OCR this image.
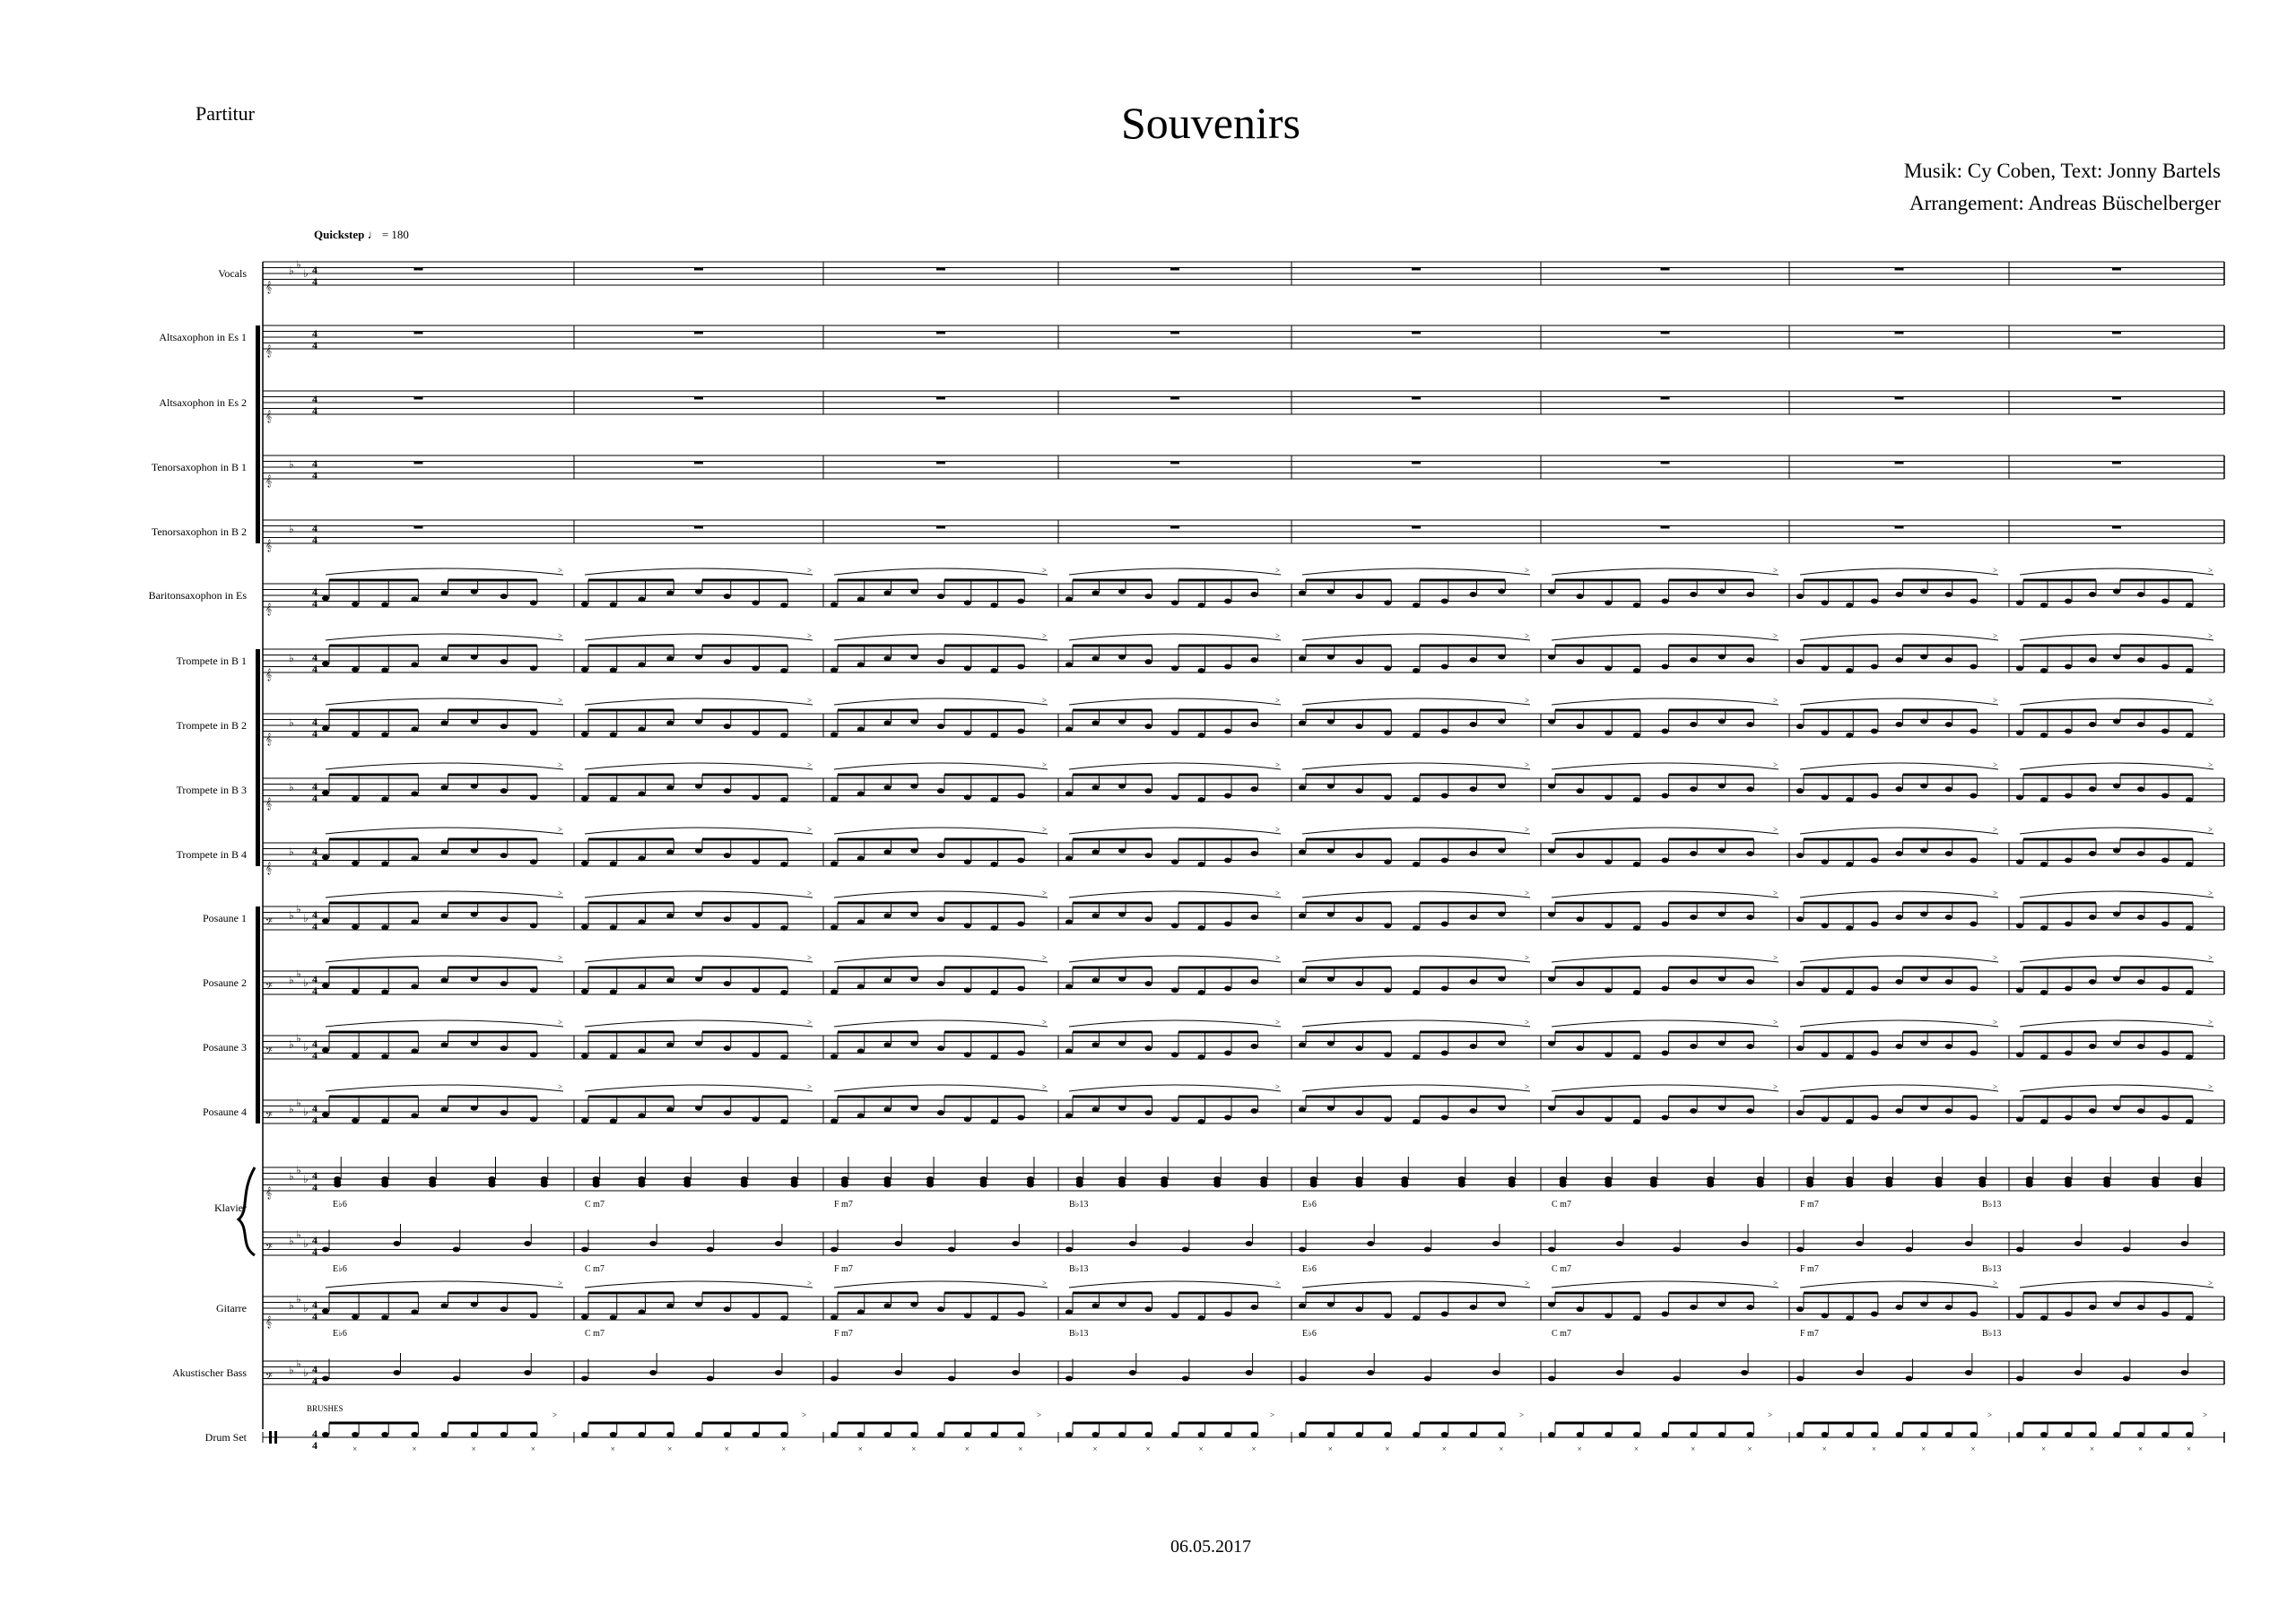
Partitur	Souvenirs
Musik: Cy Coben, Text: Jonny Bartels
Arrangement: Andreas Büschelberger
Quickstep ♩ = 180
Vocals
𝄞
♭ ♭
♭ 4
4
Altsaxophon in Es 1
𝄞
4
4
Altsaxophon in Es 2
𝄞
4
4
Tenorsaxophon in B 1
𝄞
♭ 4
4
Tenorsaxophon in B 2
𝄞
♭ 4
4
Baritonsaxophon in Es
𝄞
4
4
>	>	>	>	>	>	>	>
Trompete in B 1
𝄞
♭ 4
4
>	>	>	>	>	>	>	>
Trompete in B 2
𝄞
♭ 4
4
>	>	>	>	>	>	>	>
Trompete in B 3
𝄞
♭ 4
4
>	>	>	>	>	>	>	>
Trompete in B 4
𝄞
♭ 4
4
>	>	>	>	>	>	>	>
Posaune 1 𝄢
♭ ♭
♭ 4
4
>	>	>	>	>	>	>	>
Posaune 2 𝄢
♭ ♭
♭ 4
4
>	>	>	>	>	>	>	>
Posaune 3 𝄢
♭ ♭
♭ 4
4
>	>	>	>	>	>	>	>
Posaune 4 𝄢
♭ ♭
♭ 4
4
>	>	>	>	>	>	>	>
Klavier
𝄞
♭ ♭
♭ 4
4
𝄢
♭ ♭
♭ 4
4
Gitarre
𝄞
♭ ♭
♭ 4
4
>	>	>	>	>	>	>	>
Akustischer Bass 𝄢
♭ ♭
♭ 4
4
Drum Set	4
4	×	×	×	×
>
×	×	×	×
>
×	×	×	×
>
×	×	×	×
>
×	×	×	×
>
×	×	×	×
>
×	×	×	×
>
×	×	×	×
>
E♭6	C m7	F m7	B♭13	E♭6	C m7	F m7	B♭13
E♭6	C m7	F m7	B♭13	E♭6	C m7	F m7	B♭13
E♭6	C m7	F m7	B♭13	E♭6	C m7	F m7	B♭13
BRUSHES
06.05.2017
